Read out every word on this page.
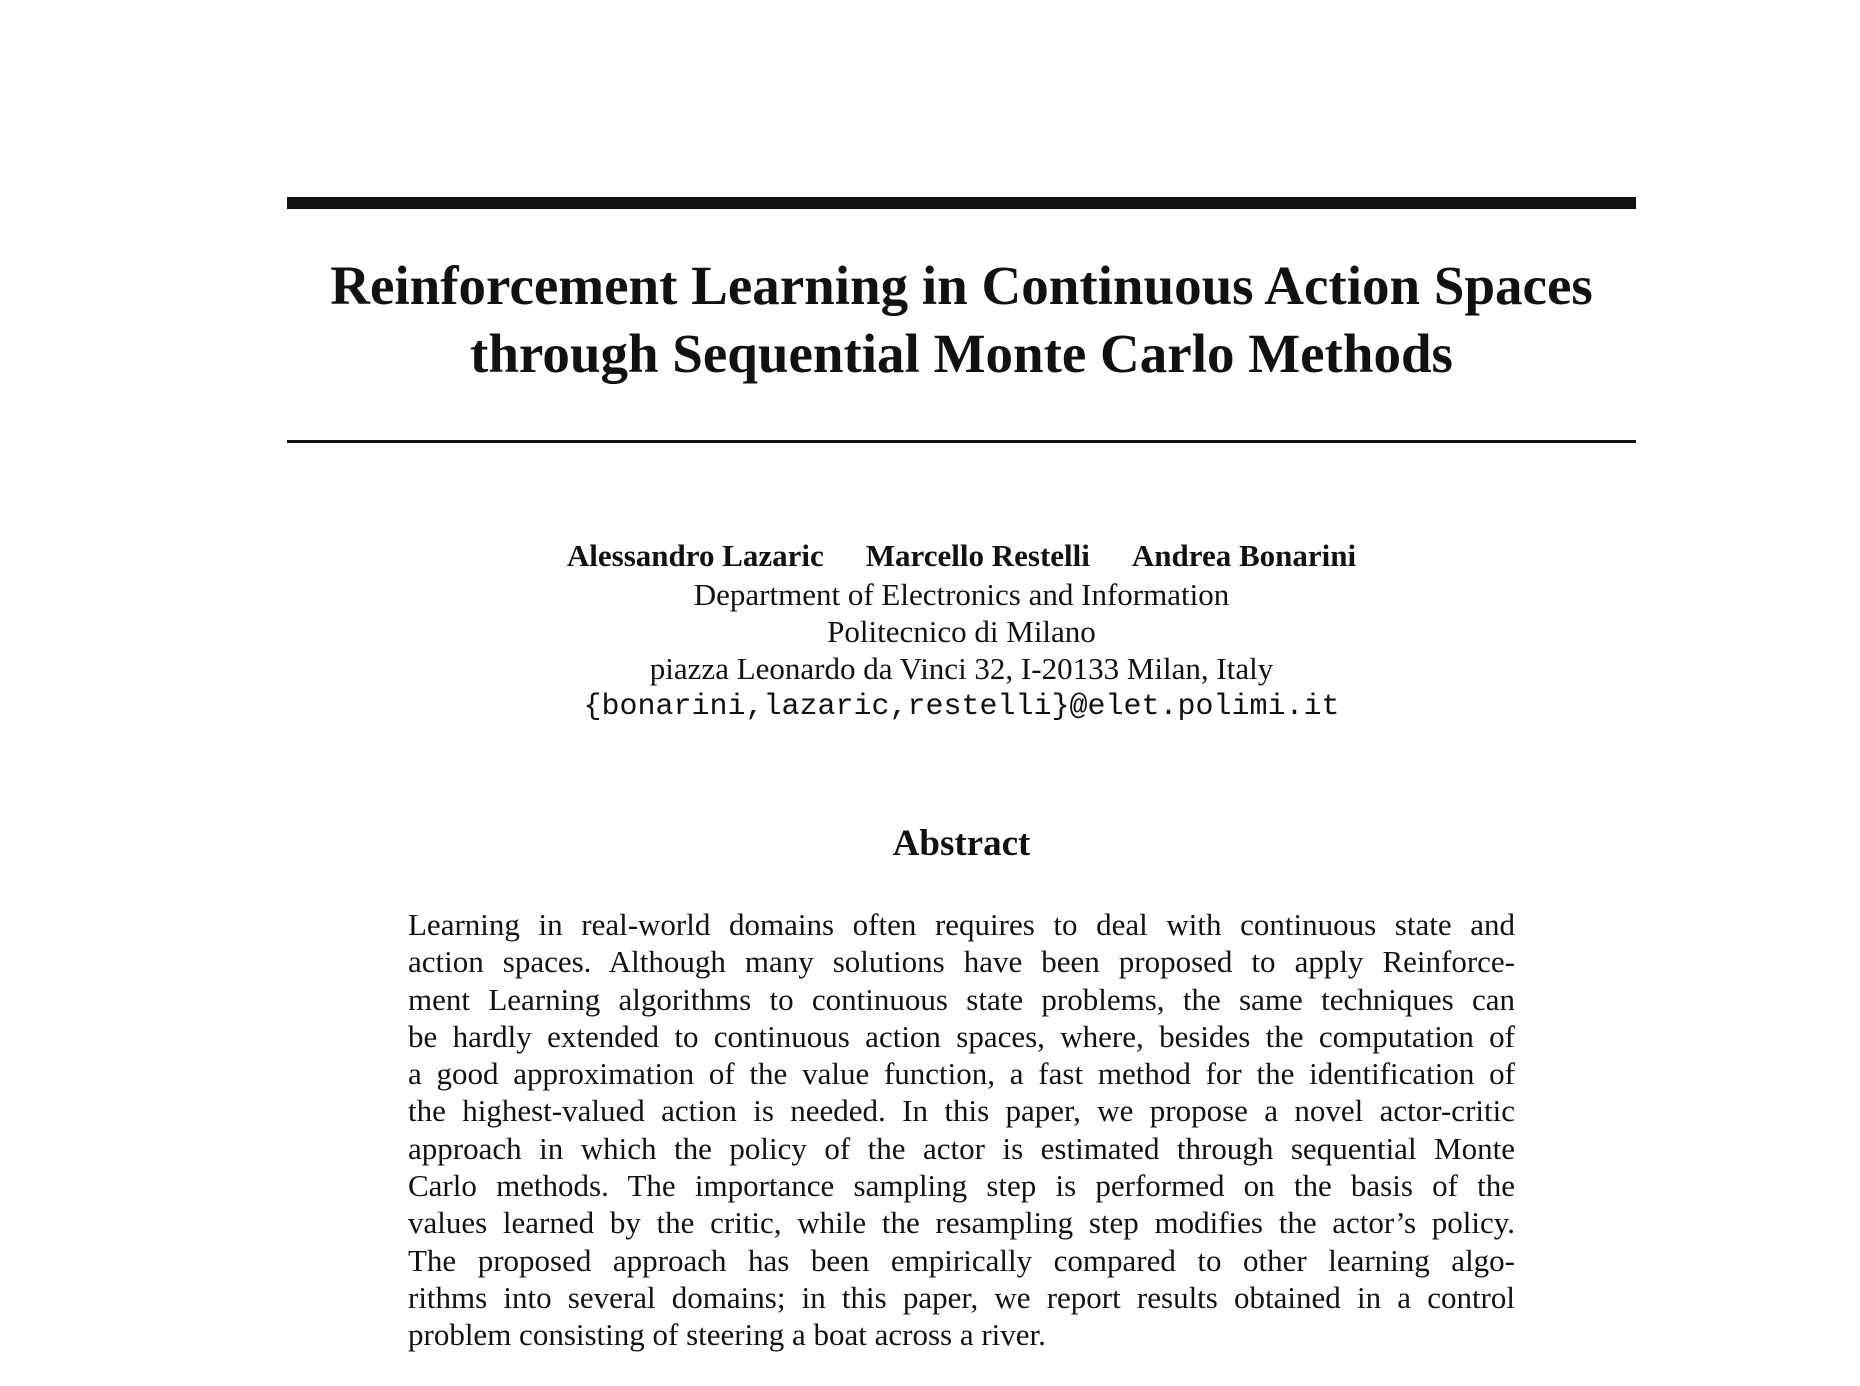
Reinforcement Learning in Continuous Action Spaces
through Sequential Monte Carlo Methods
Alessandro Lazaric Marcello Restelli Andrea Bonarini
Department of Electronics and Information
Politecnico di Milano
piazza Leonardo da Vinci 32, I-20133 Milan, Italy
{bonarini,lazaric,restelli}@elet.polimi.it
Abstract
Learning in real-world domains often requires to deal with continuous state and
action spaces. Although many solutions have been proposed to apply Reinforce-
ment Learning algorithms to continuous state problems, the same techniques can
be hardly extended to continuous action spaces, where, besides the computation of
a good approximation of the value function, a fast method for the identification of
the highest-valued action is needed. In this paper, we propose a novel actor-critic
approach in which the policy of the actor is estimated through sequential Monte
Carlo methods. The importance sampling step is performed on the basis of the
values learned by the critic, while the resampling step modifies the actor’s policy.
The proposed approach has been empirically compared to other learning algo-
rithms into several domains; in this paper, we report results obtained in a control
problem consisting of steering a boat across a river.
